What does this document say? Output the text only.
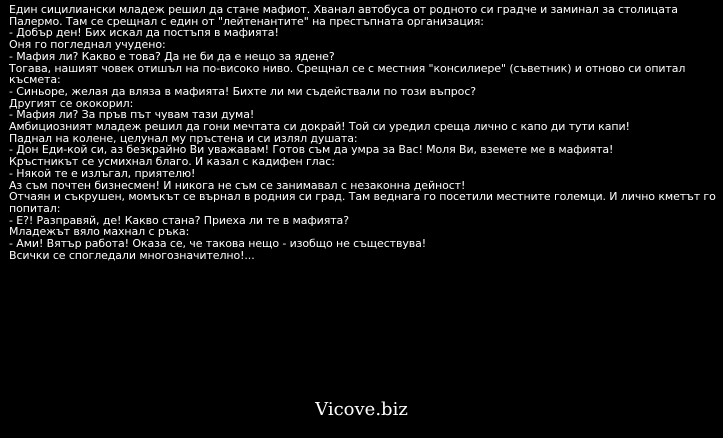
Един сицилиански младеж решил да стане мафиот. Хванал автобуса от родното си градче и заминал за столицата Палермо. Там се срещнал с един от "лейтенантите" на престъпната организация:

- Добър ден! Бих искал да постъпя в мафията!

Оня го погледнал учудено:

- Мафия ли? Какво е това? Да не би да е нещо за ядене?

Тогава, нашият човек отишъл на по-високо ниво. Срещнал се с местния "консилиере" (съветник) и отново си опитал късмета:

- Синьоре, желая да вляза в мафията! Бихте ли ми съдействали по този въпрос?

Другият се ококорил:

- Мафия ли? За пръв път чувам тази дума!

Амбициозният младеж решил да гони мечтата си докрай! Той си уредил среща лично с капо ди тути капи!

Паднал на колене, целунал му пръстена и си излял душата:

- Дон Еди-кой си, аз безкрайно Ви уважавам! Готов съм да умра за Вас! Моля Ви, вземете ме в мафията!

Кръстникът се усмихнал благо. И казал с кадифен глас:

- Някой те е излъгал, приятелю!

Аз съм почтен бизнесмен! И никога не съм се занимавал с незаконна дейност!

Отчаян и съкрушен, момъкът се върнал в родния си град. Там веднага го посетили местните големци. И лично кметът го попитал:

- Е?! Разправяй, де! Какво стана? Приеха ли те в мафията?

Младежът вяло махнал с ръка:

- Ами! Вятър работа! Оказа се, че такова нещо - изобщо не съществува!

Всички се спогледали многозначително!...

Vicove.biz
